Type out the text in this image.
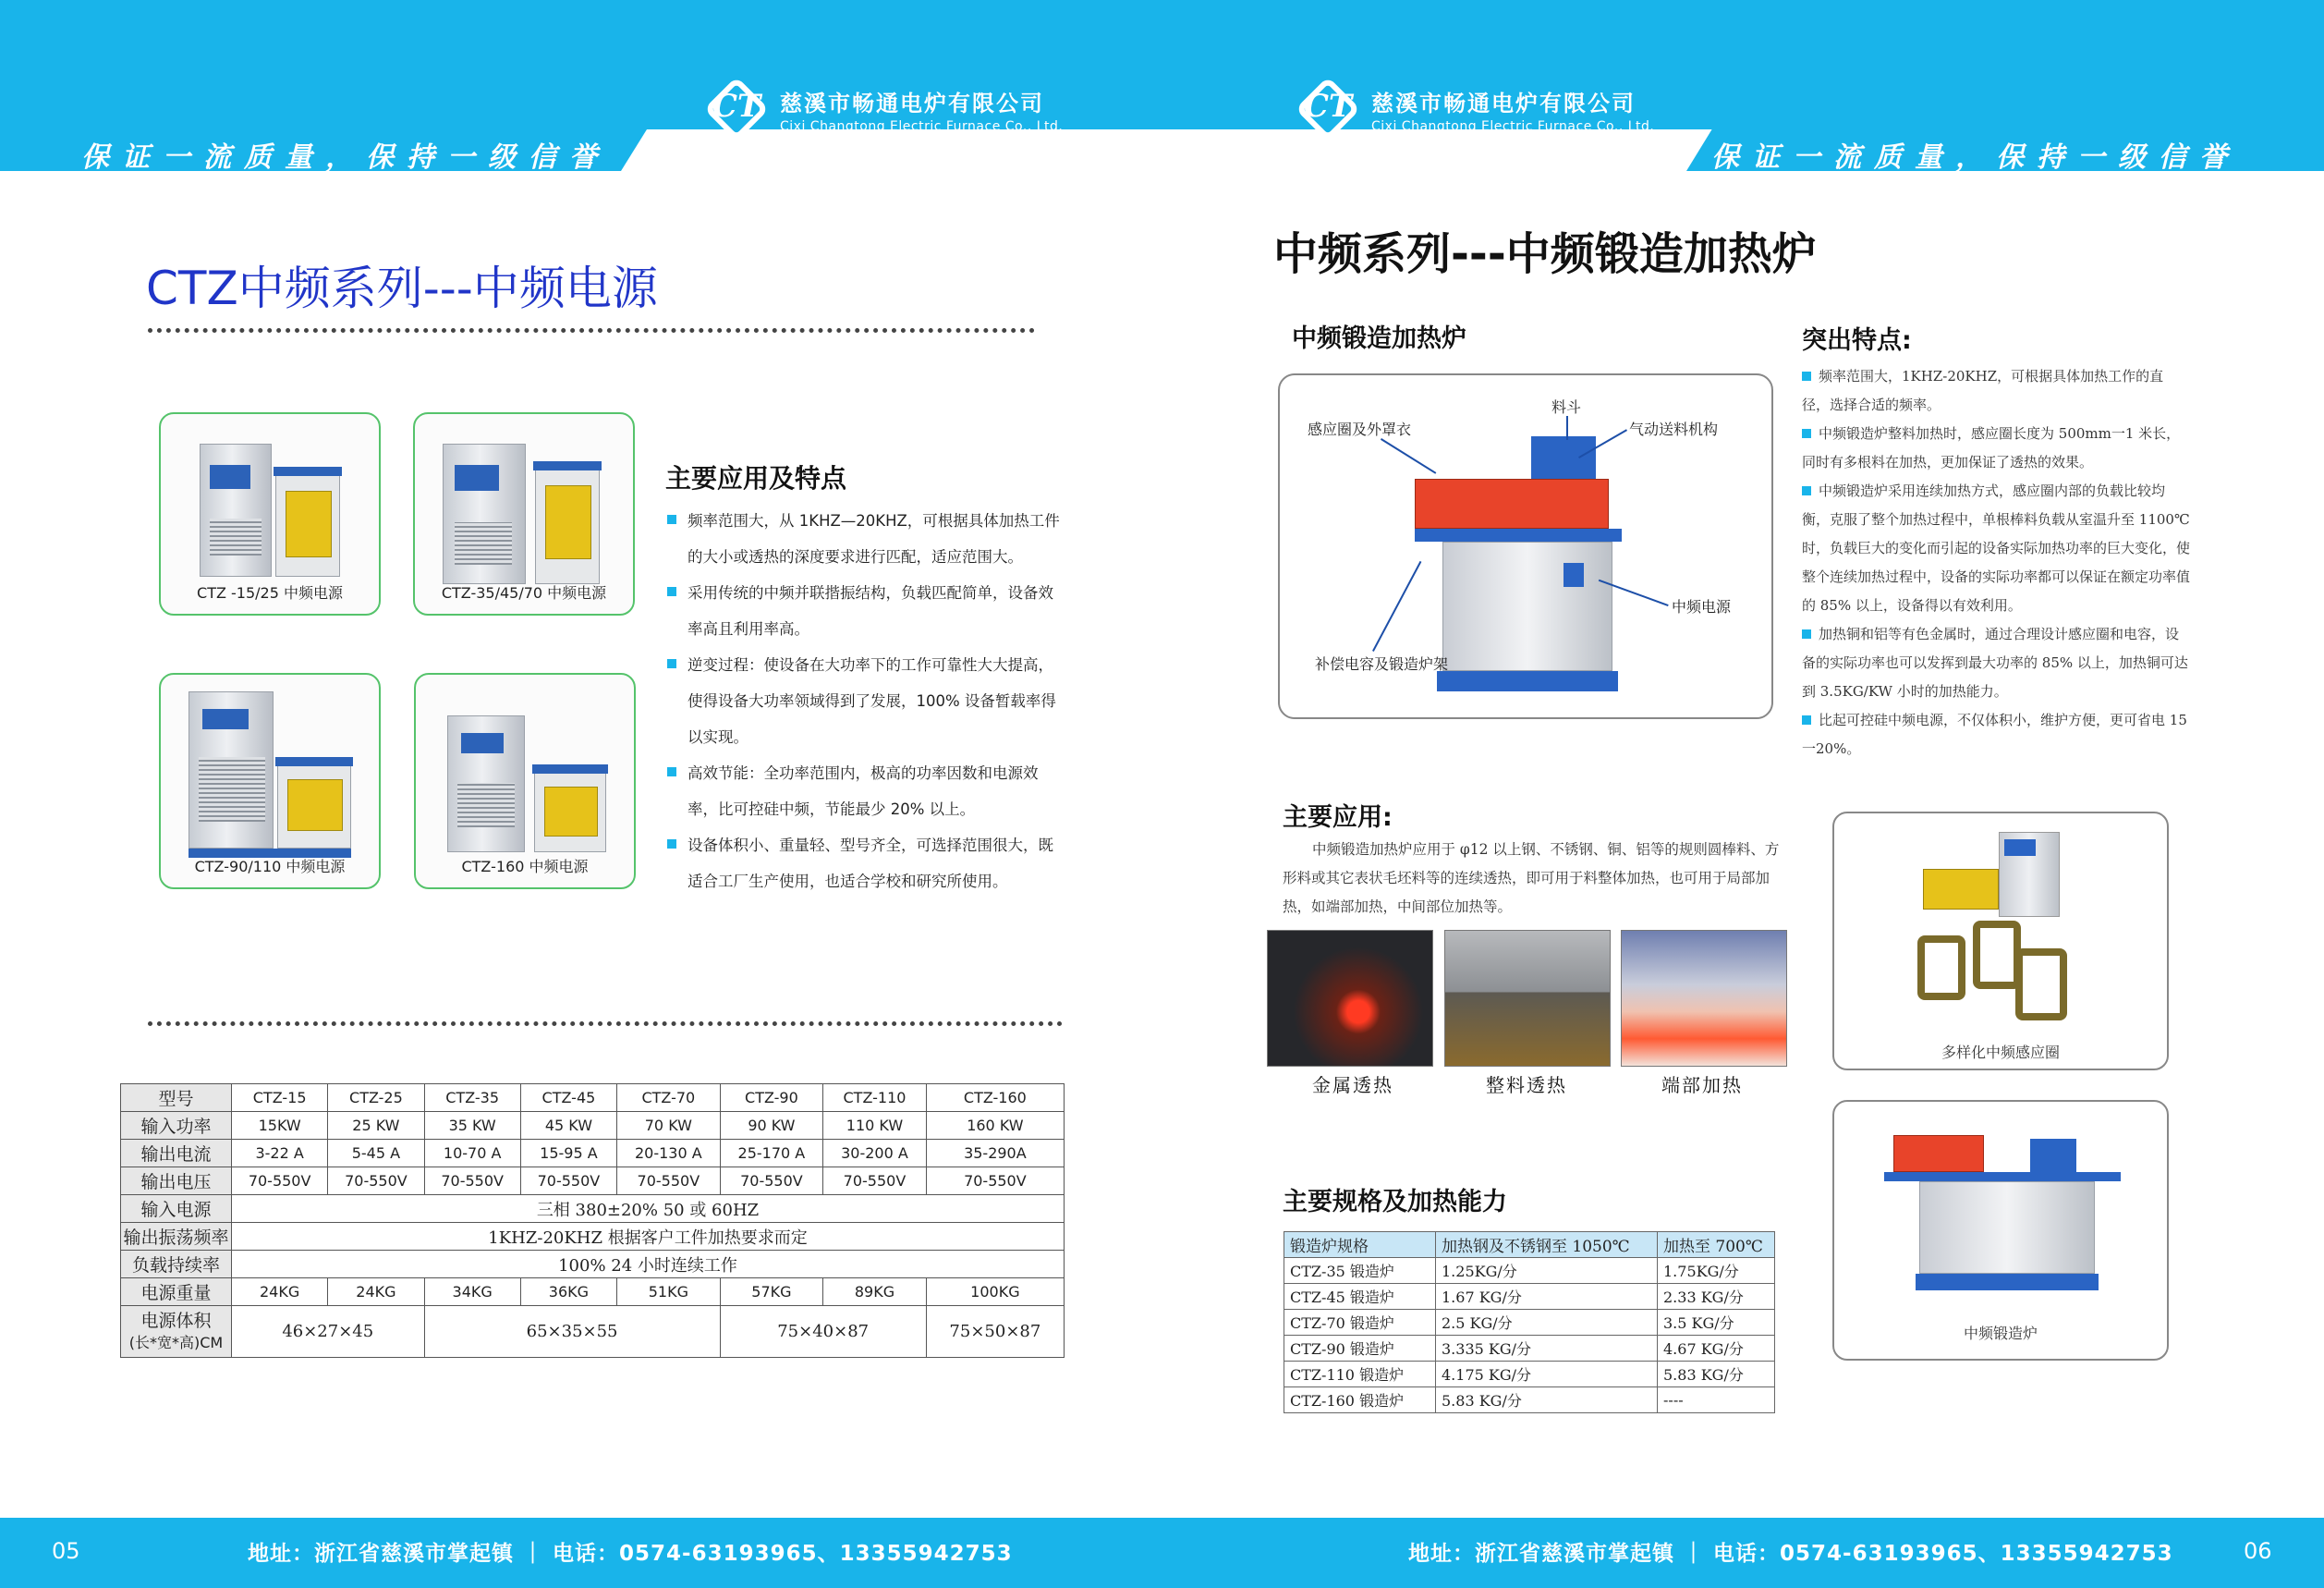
保证一流质量，保持一级信誉	保证一流质量，保持一级信誉
CT 慈溪市畅通电炉有限公司
Cixi Changtong Electric Furnace Co., Ltd.
CT 慈溪市畅通电炉有限公司
Cixi Changtong Electric Furnace Co., Ltd.
CTZ中频系列---中频电源
CTZ -15/25 中频电源	CTZ-35/45/70 中频电源
CTZ-90/110 中频电源	CTZ-160 中频电源
主要应用及特点
频率范围大，从 1KHZ—20KHZ，可根据具体加热工件的大小或透热的深度要求进行匹配，适应范围大。
采用传统的中频并联揩振结构，负载匹配简单，设备效率高且利用率高。
逆变过程：使设备在大功率下的工作可靠性大大提高，使得设备大功率领域得到了发展，100% 设备暂载率得以实现。
高效节能：全功率范围内，极高的功率因数和电源效率，比可控硅中频，节能最少 20% 以上。
设备体积小、重量轻、型号齐全，可选择范围很大，既适合工厂生产使用，也适合学校和研究所使用。
型号	CTZ-15	CTZ-25	CTZ-35	CTZ-45	CTZ-70	CTZ-90	CTZ-110	CTZ-160
输入功率	15KW	25 KW	35 KW	45 KW	70 KW	90 KW	110 KW	160 KW
输出电流	3-22 A	5-45 A	10-70 A	15-95 A	20-130 A	25-170 A	30-200 A	35-290A
输出电压	70-550V	70-550V	70-550V	70-550V	70-550V	70-550V	70-550V	70-550V
输入电源	三相 380±20% 50 或 60HZ							
输出振荡频率	1KHZ-20KHZ 根据客户工件加热要求而定							
负载持续率	100% 24 小时连续工作							
电源重量	24KG	24KG	34KG	36KG	51KG	57KG	89KG	100KG

电源体积
(长*宽*高)CM	46×27×45		65×35×55			75×40×87		75×50×87
中频系列---中频锻造加热炉
中频锻造加热炉
感应圈及外罩衣
料斗
气动送料机构
中频电源
补偿电容及锻造炉架
突出特点:
频率范围大，1KHZ-20KHZ，可根据具体加热工作的直径，选择合适的频率。
中频锻造炉整料加热时，感应圈长度为 500mm一1 米长，同时有多根料在加热，更加保证了透热的效果。
中频锻造炉采用连续加热方式，感应圈内部的负载比较均衡，克服了整个加热过程中，单根棒料负载从室温升至 1100℃时，负载巨大的变化而引起的设备实际加热功率的巨大变化，使整个连续加热过程中，设备的实际功率都可以保证在额定功率值的 85% 以上，设备得以有效利用。
加热铜和铝等有色金属时，通过合理设计感应圈和电容，设备的实际功率也可以发挥到最大功率的 85% 以上，加热铜可达到 3.5KG/KW 小时的加热能力。
比起可控硅中频电源，不仅体积小，维护方便，更可省电 15一20%。
主要应用:
中频锻造加热炉应用于 φ12 以上钢、不锈钢、铜、铝等的规则圆棒料、方形料或其它表状毛坯料等的连续透热，即可用于料整体加热，也可用于局部加热，如端部加热，中间部位加热等。
金属透热	整料透热	端部加热
多样化中频感应圈
中频锻造炉
主要规格及加热能力
锻造炉规格	加热钢及不锈钢至 1050℃	加热至 700℃
CTZ-35 锻造炉	1.25KG/分	1.75KG/分
CTZ-45 锻造炉	1.67 KG/分	2.33 KG/分
CTZ-70 锻造炉	2.5 KG/分	3.5 KG/分
CTZ-90 锻造炉	3.335 KG/分	4.67 KG/分
CTZ-110 锻造炉	4.175 KG/分	5.83 KG/分
CTZ-160 锻造炉	5.83 KG/分	----
05	地址：浙江省慈溪市掌起镇 ｜ 电话：0574-63193965、13355942753	地址：浙江省慈溪市掌起镇 ｜ 电话：0574-63193965、13355942753	06
